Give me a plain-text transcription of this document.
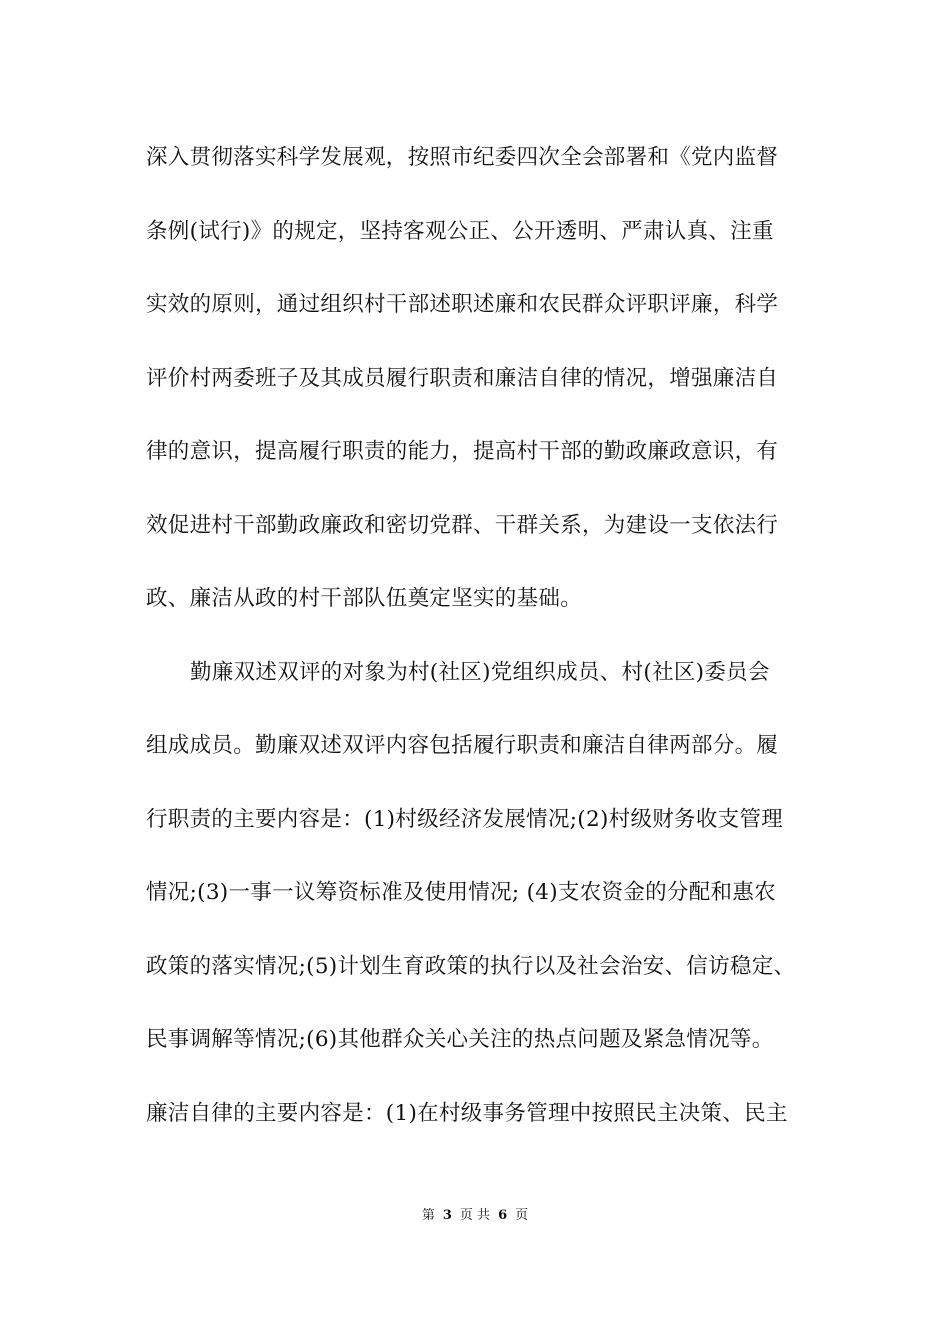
深入贯彻落实科学发展观，按照市纪委四次全会部署和《党内监督
条例(试行)》的规定，坚持客观公正、公开透明、严肃认真、注重
实效的原则，通过组织村干部述职述廉和农民群众评职评廉，科学
评价村两委班子及其成员履行职责和廉洁自律的情况，增强廉洁自
律的意识，提高履行职责的能力，提高村干部的勤政廉政意识，有
效促进村干部勤政廉政和密切党群、干群关系，为建设一支依法行
政、廉洁从政的村干部队伍奠定坚实的基础。
勤廉双述双评的对象为村(社区)党组织成员、村(社区)委员会
组成成员。勤廉双述双评内容包括履行职责和廉洁自律两部分。履
行职责的主要内容是：(1)村级经济发展情况;(2)村级财务收支管理
情况;(3)一事一议筹资标准及使用情况; (4)支农资金的分配和惠农
政策的落实情况;(5)计划生育政策的执行以及社会治安、信访稳定、
民事调解等情况;(6)其他群众关心关注的热点问题及紧急情况等。
廉洁自律的主要内容是：(1)在村级事务管理中按照民主决策、民主
第 3 页 共 6 页
